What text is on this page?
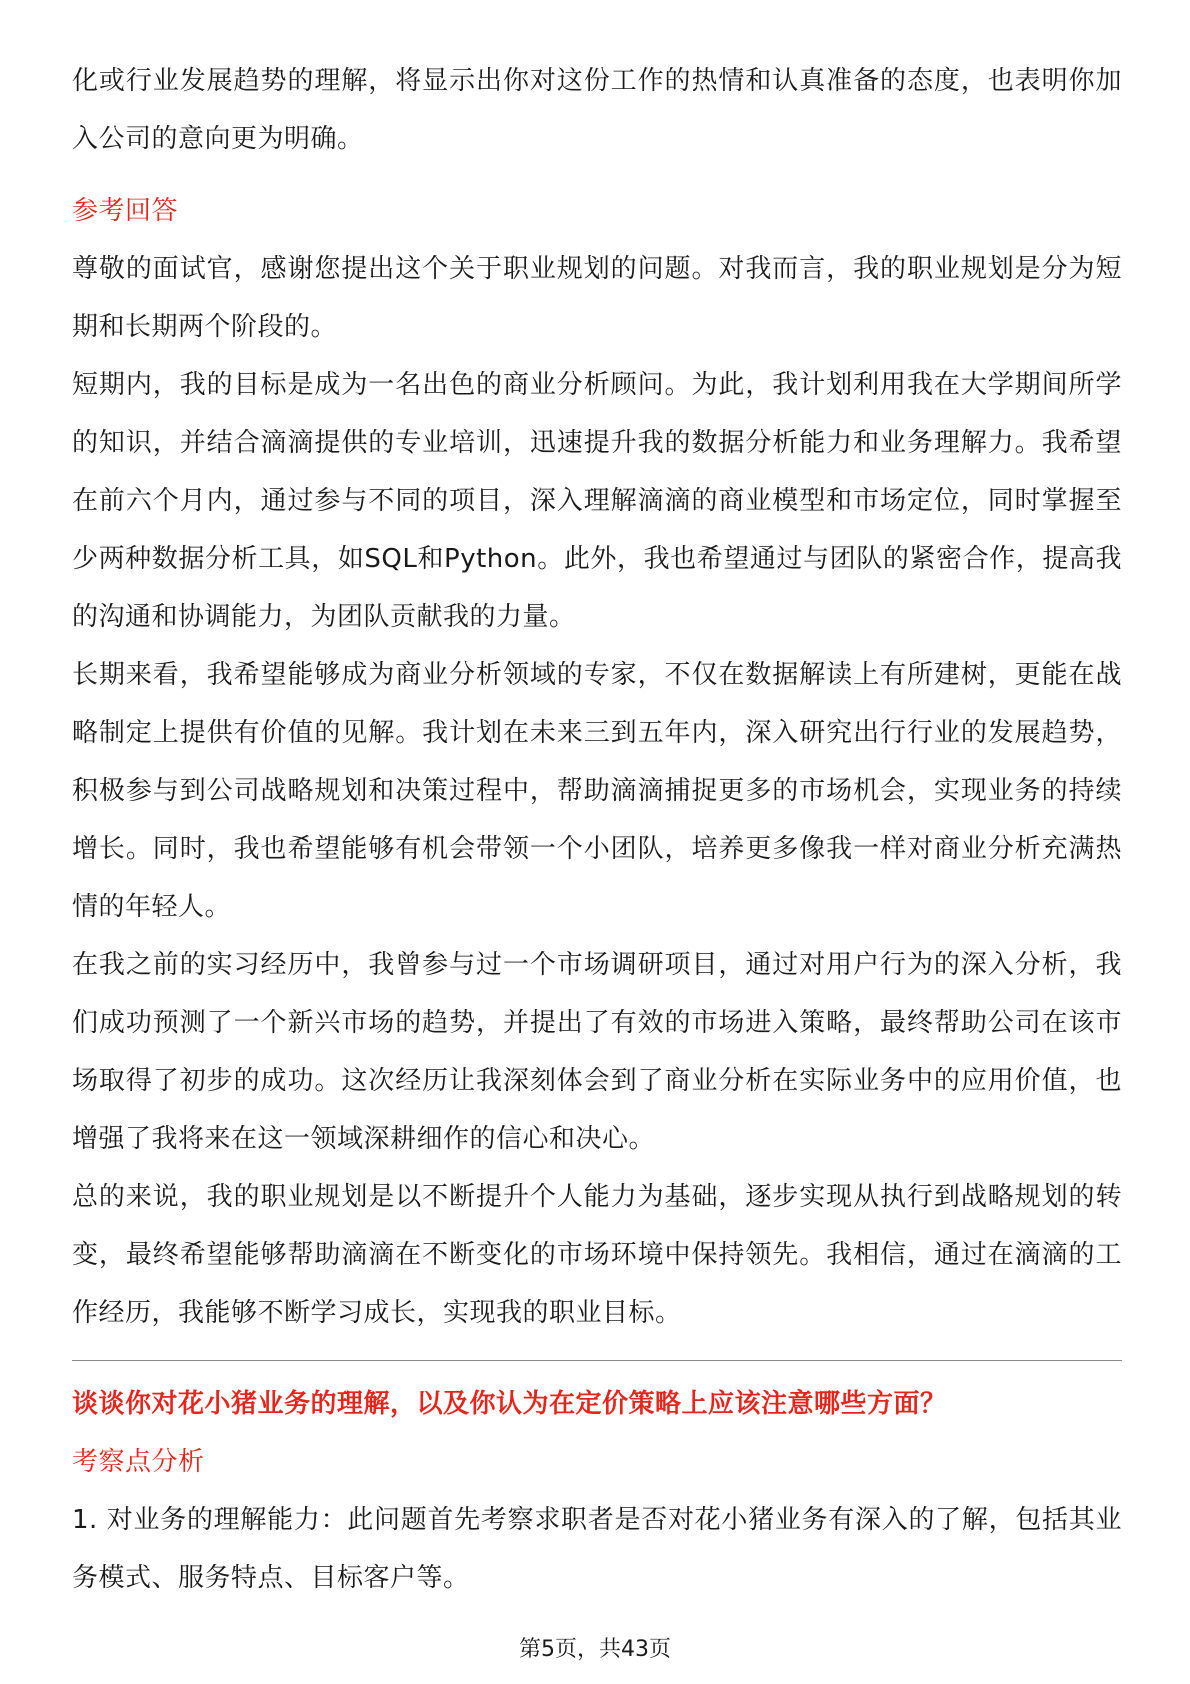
化或行业发展趋势的理解，将显示出你对这份工作的热情和认真准备的态度，也表明你加入公司的意向更为明确。

参考回答

尊敬的面试官，感谢您提出这个关于职业规划的问题。对我而言，我的职业规划是分为短期和长期两个阶段的。

短期内，我的目标是成为一名出色的商业分析顾问。为此，我计划利用我在大学期间所学的知识，并结合滴滴提供的专业培训，迅速提升我的数据分析能力和业务理解力。我希望在前六个月内，通过参与不同的项目，深入理解滴滴的商业模型和市场定位，同时掌握至少两种数据分析工具，如SQL和Python。此外，我也希望通过与团队的紧密合作，提高我的沟通和协调能力，为团队贡献我的力量。

长期来看，我希望能够成为商业分析领域的专家，不仅在数据解读上有所建树，更能在战略制定上提供有价值的见解。我计划在未来三到五年内，深入研究出行行业的发展趋势，积极参与到公司战略规划和决策过程中，帮助滴滴捕捉更多的市场机会，实现业务的持续增长。同时，我也希望能够有机会带领一个小团队，培养更多像我一样对商业分析充满热情的年轻人。

在我之前的实习经历中，我曾参与过一个市场调研项目，通过对用户行为的深入分析，我们成功预测了一个新兴市场的趋势，并提出了有效的市场进入策略，最终帮助公司在该市场取得了初步的成功。这次经历让我深刻体会到了商业分析在实际业务中的应用价值，也增强了我将来在这一领域深耕细作的信心和决心。

总的来说，我的职业规划是以不断提升个人能力为基础，逐步实现从执行到战略规划的转变，最终希望能够帮助滴滴在不断变化的市场环境中保持领先。我相信，通过在滴滴的工作经历，我能够不断学习成长，实现我的职业目标。

谈谈你对花小猪业务的理解，以及你认为在定价策略上应该注意哪些方面？
考察点分析

1. 对业务的理解能力：此问题首先考察求职者是否对花小猪业务有深入的了解，包括其业务模式、服务特点、目标客户等。

第5页，共43页
